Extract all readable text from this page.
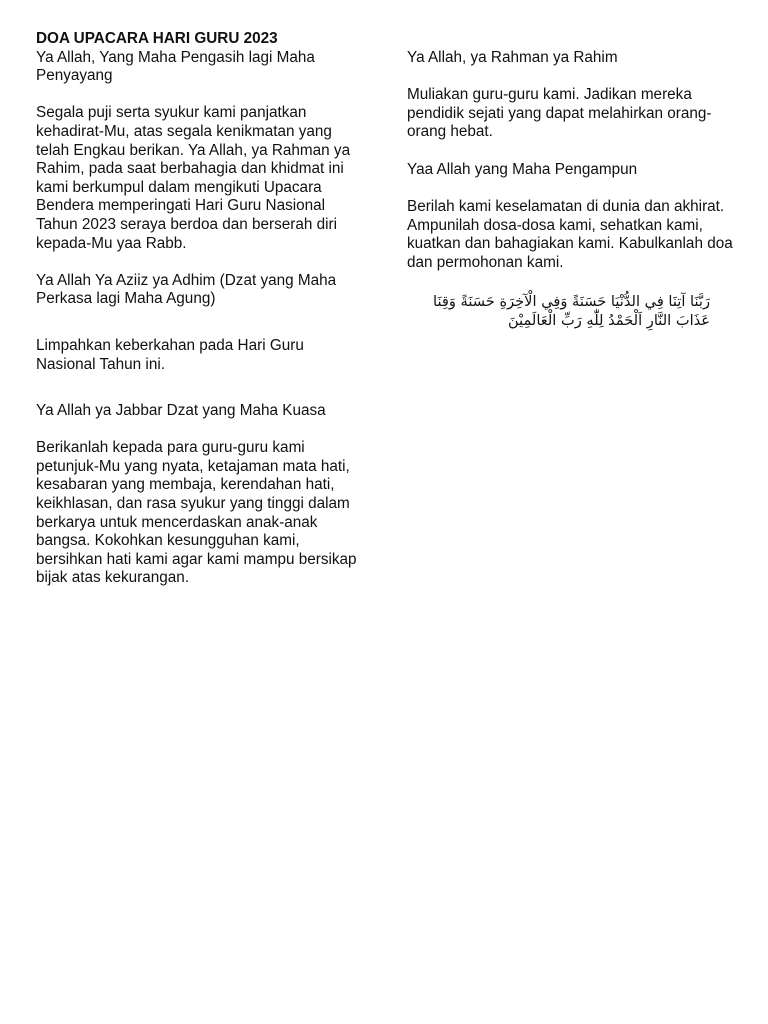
DOA UPACARA HARI GURU 2023

Ya Allah, Yang Maha Pengasih lagi Maha Penyayang

Segala puji serta syukur kami panjatkan kehadirat-Mu, atas segala kenikmatan yang telah Engkau berikan. Ya Allah, ya Rahman ya Rahim, pada saat berbahagia dan khidmat ini kami berkumpul dalam mengikuti Upacara Bendera memperingati Hari Guru Nasional Tahun 2023 seraya berdoa dan berserah diri kepada-Mu yaa Rabb.

Ya Allah Ya Aziiz ya Adhim (Dzat yang Maha Perkasa lagi Maha Agung)

Limpahkan keberkahan pada Hari Guru Nasional Tahun ini.

Ya Allah ya Jabbar Dzat yang Maha Kuasa

Berikanlah kepada para guru-guru kami petunjuk-Mu yang nyata, ketajaman mata hati, kesabaran yang membaja, kerendahan hati, keikhlasan, dan rasa syukur yang tinggi dalam berkarya untuk mencerdaskan anak-anak bangsa. Kokohkan kesungguhan kami, bersihkan hati kami agar kami mampu bersikap bijak atas kekurangan.

Ya Allah, ya Rahman ya Rahim

Muliakan guru-guru kami. Jadikan mereka pendidik sejati yang dapat melahirkan orang-orang hebat.

Yaa Allah yang Maha Pengampun

Berilah kami keselamatan di dunia dan akhirat. Ampunilah dosa-dosa kami, sehatkan kami, kuatkan dan bahagiakan kami. Kabulkanlah doa dan permohonan kami.

رَبَّنَا آتِنَا فِي الدُّنْيَا حَسَنَةً وَفِي الْآخِرَةِ حَسَنَةً وَقِنَا عَذَابَ النَّارِ اَلْحَمْدُ لِلّٰهِ رَبِّ الْعَالَمِيْنَ
